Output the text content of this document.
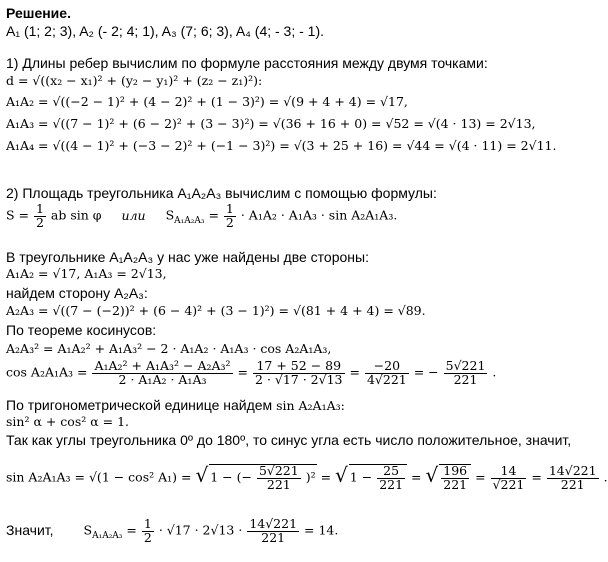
Решение.
A₁ (1; 2; 3), A₂ (- 2; 4; 1), A₃ (7; 6; 3), A₄ (4; - 3; - 1).
1) Длины ребер вычислим по формуле расстояния между двумя точками:
d = √((x₂ − x₁)² + (y₂ − y₁)² + (z₂ − z₁)²):
A₁A₂ = √((−2 − 1)² + (4 − 2)² + (1 − 3)²) = √(9 + 4 + 4) = √17,
A₁A₃ = √((7 − 1)² + (6 − 2)² + (3 − 3)²) = √(36 + 16 + 0) = √52 = √(4 · 13) = 2√13,
A₁A₄ = √((4 − 1)² + (−3 − 2)² + (−1 − 3)²) = √(3 + 25 + 16) = √44 = √(4 · 11) = 2√11.
2) Площадь треугольника A₁A₂A₃ вычислим с помощью формулы:
$S = \frac{1}{2}$ ab sin φ или $S_{A_1A_2A_3} = \frac{1}{2} \cdot A_1A_2 \cdot A_1A_3 \cdot \sin A_2A_1A_3$.
В треугольнике A₁A₂A₃ у нас уже найдены две стороны:
A₁A₂ = √17, A₁A₃ = 2√13,
найдем сторону A₂A₃:
A₂A₃ = √((7 − (−2))² + (6 − 4)² + (3 − 1)²) = √(81 + 4 + 4) = √89.
По теореме косинусов:
A₂A₃² = A₁A₂² + A₁A₃² − 2 · A₁A₂ · A₁A₃ · cos A₂A₁A₃,
$\cos A_2A_1A_3 = \frac{\text{A₁A₂² + A₁A₃² − A₂A₃²}}{\text{2 · A₁A₂ · A₁A₃}} = \frac{17 + 52 - 89}{2 \cdot √17 \cdot 2√13} = \frac{-20}{4√221}$ = − $\frac{5√221}{221}$ .
По тригонометрической единице найдем sin A₂A₁A₃:
sin² α + cos² α = 1.
Так как углы треугольника 0º до 180º, то синус угла есть число положительное, значит,
sin A₂A₁A₃ = √(1 − cos² A₁) = √ 1 − (− $\frac{5√221}{221} )^2$ = √ $1 - \frac{25}{221}$ = √ $\frac{196}{221} = \frac{14}{√221} = \frac{14√221}{221}$ .
Значит, $S_{A_1A_2A_3} = \frac{1}{2} \cdot √17 \cdot 2√13 \cdot \frac{14√221}{221} = 14$.
